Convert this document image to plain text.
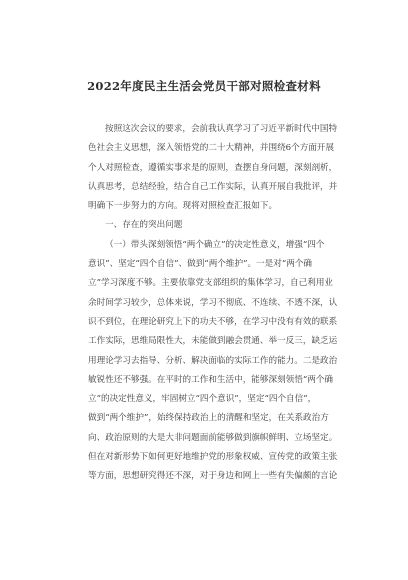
2022年度民主生活会党员干部对照检查材料
按照这次会议的要求，会前我认真学习了习近平新时代中国特
色社会主义思想，深入领悟党的二十大精神，并围绕6个方面开展
个人对照检查，遵循实事求是的原则，查摆自身问题，深刻剖析，
认真思考，总结经验，结合自己工作实际，认真开展自我批评，并
明确下一步努力的方向。现将对照检查汇报如下。
一、存在的突出问题
（一）带头深刻领悟“两个确立”的决定性意义，增强“四个
意识”、坚定“四个自信”、做到“两个维护”。一是对“两个确
立”学习深度不够。主要依靠党支部组织的集体学习，自己利用业
余时间学习较少，总体来说，学习不彻底、不连续、不透不深，认
识不到位，在理论研究上下的功夫不够，在学习中没有有效的联系
工作实际，思维局限性大，未能做到融会贯通、举一反三，缺乏运
用理论学习去指导、分析、解决面临的实际工作的能力。二是政治
敏锐性还不够强。在平时的工作和生活中，能够深刻领悟“两个确
立”的决定性意义，牢固树立“四个意识”，坚定“四个自信”，
做到“两个维护”，始终保持政治上的清醒和坚定，在关系政治方
向、政治原则的大是大非问题面前能够做到旗帜鲜明、立场坚定。
但在对新形势下如何更好地维护党的形象权威、宣传党的政策主张
等方面，思想研究得还不深，对于身边和网上一些有失偏颇的言论
